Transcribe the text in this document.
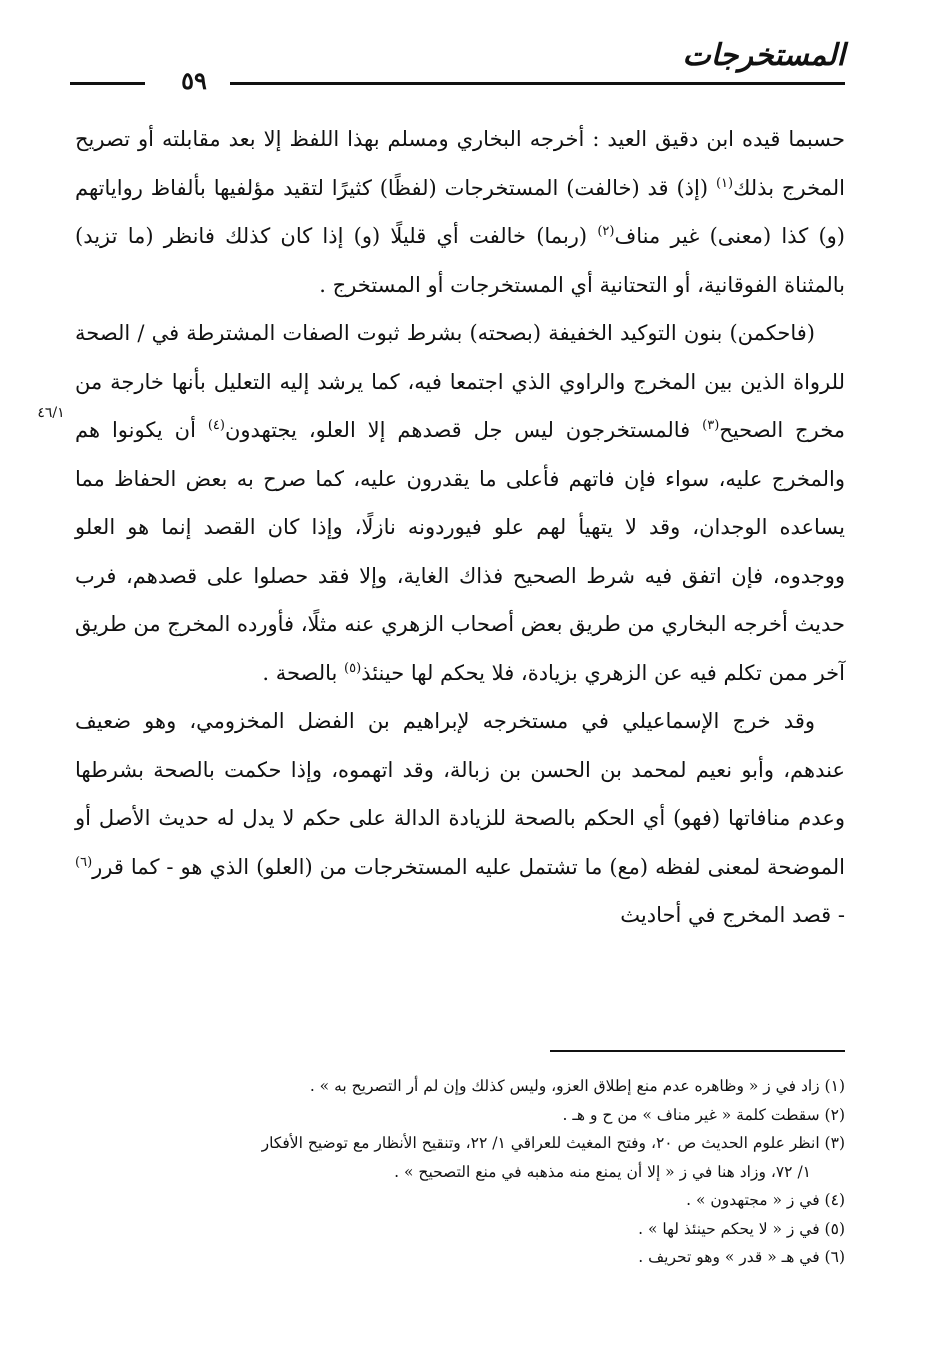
المستخرجات
٥٩
٤٦/١

حسبما قيده ابن دقيق العيد : أخرجه البخاري ومسلم بهذا اللفظ إلا بعد مقابلته أو تصريح المخرج بذلك$^{(١)}$ (إذ) قد (خالفت) المستخرجات (لفظًا) كثيرًا لتقيد مؤلفيها بألفاظ رواياتهم (و) كذا (معنى) غير مناف$^{(٢)}$ (ربما) خالفت أي قليلًا (و) إذا كان كذلك فانظر (ما تزيد) بالمثناة الفوقانية، أو التحتانية أي المستخرجات أو المستخرج .

(فاحكمن) بنون التوكيد الخفيفة (بصحته) بشرط ثبوت الصفات المشترطة في / الصحة للرواة الذين بين المخرج والراوي الذي اجتمعا فيه، كما يرشد إليه التعليل بأنها خارجة من مخرج الصحيح$^{(٣)}$ فالمستخرجون ليس جل قصدهم إلا العلو، يجتهدون$^{(٤)}$ أن يكونوا هم والمخرج عليه، سواء فإن فاتهم فأعلى ما يقدرون عليه، كما صرح به بعض الحفاظ مما يساعده الوجدان، وقد لا يتهيأ لهم علو فيوردونه نازلًا، وإذا كان القصد إنما هو العلو ووجدوه، فإن اتفق فيه شرط الصحيح فذاك الغاية، وإلا فقد حصلوا على قصدهم، فرب حديث أخرجه البخاري من طريق بعض أصحاب الزهري عنه مثلًا، فأورده المخرج من طريق آخر ممن تكلم فيه عن الزهري بزيادة، فلا يحكم لها حينئذ$^{(٥)}$ بالصحة .

وقد خرج الإسماعيلي في مستخرجه لإبراهيم بن الفضل المخزومي، وهو ضعيف عندهم، وأبو نعيم لمحمد بن الحسن بن زبالة، وقد اتهموه، وإذا حكمت بالصحة بشرطها وعدم منافاتها (فهو) أي الحكم بالصحة للزيادة الدالة على حكم لا يدل له حديث الأصل أو الموضحة لمعنى لفظه (مع) ما تشتمل عليه المستخرجات من (العلو) الذي هو - كما قرر$^{(٦)}$ - قصد المخرج في أحاديث

(١) زاد في ز « وظاهره عدم منع إطلاق العزو، وليس كذلك وإن لم أر التصريح به » .

(٢) سقطت كلمة « غير مناف » من ح و هـ .

(٣) انظر علوم الحديث ص ٢٠، وفتح المغيث للعراقي ١/ ٢٢، وتنقيح الأنظار مع توضيح الأفكار

١/ ٧٢، وزاد هنا في ز « إلا أن يمنع منه مذهبه في منع التصحيح » .

(٤) في ز « مجتهدون » .

(٥) في ز « لا يحكم حينئذ لها » .

(٦) في هـ « قدر » وهو تحريف .
